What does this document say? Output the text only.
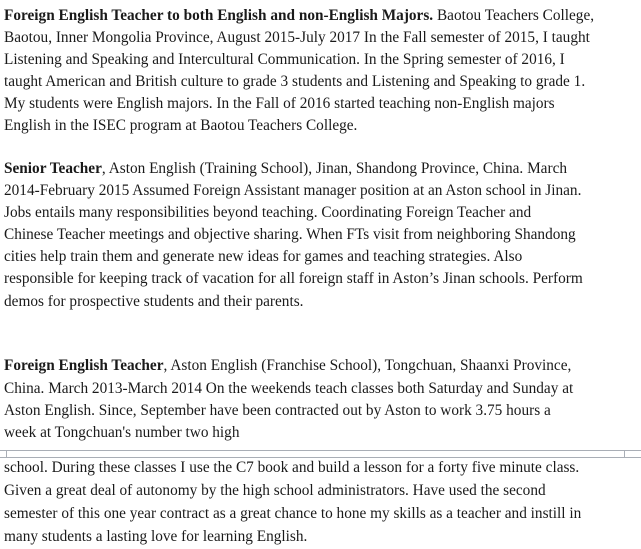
Foreign English Teacher to both English and non-English Majors. Baotou Teachers College,
Baotou, Inner Mongolia Province, August 2015-July 2017 In the Fall semester of 2015, I taught
Listening and Speaking and Intercultural Communication. In the Spring semester of 2016, I
taught American and British culture to grade 3 students and Listening and Speaking to grade 1.
My students were English majors. In the Fall of 2016 started teaching non-English majors
English in the ISEC program at Baotou Teachers College.
Senior Teacher, Aston English (Training School), Jinan, Shandong Province, China. March
2014-February 2015 Assumed Foreign Assistant manager position at an Aston school in Jinan.
Jobs entails many responsibilities beyond teaching. Coordinating Foreign Teacher and
Chinese Teacher meetings and objective sharing. When FTs visit from neighboring Shandong
cities help train them and generate new ideas for games and teaching strategies. Also
responsible for keeping track of vacation for all foreign staff in Aston’s Jinan schools. Perform
demos for prospective students and their parents.
Foreign English Teacher, Aston English (Franchise School), Tongchuan, Shaanxi Province,
China. March 2013-March 2014 On the weekends teach classes both Saturday and Sunday at
Aston English. Since, September have been contracted out by Aston to work 3.75 hours a
week at Tongchuan's number two high
school. During these classes I use the C7 book and build a lesson for a forty five minute class.
Given a great deal of autonomy by the high school administrators. Have used the second
semester of this one year contract as a great chance to hone my skills as a teacher and instill in
many students a lasting love for learning English.
